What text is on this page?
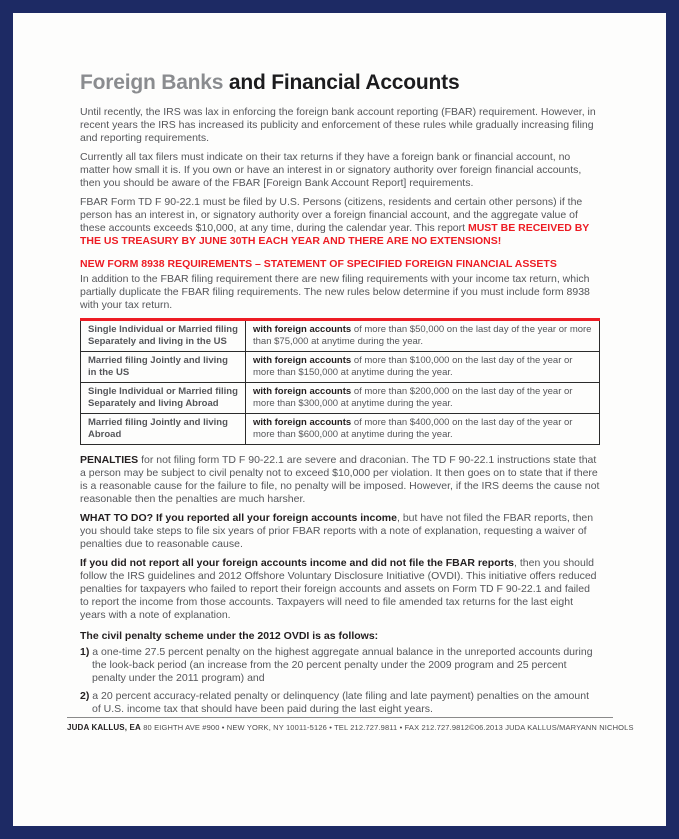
Foreign Banks and Financial Accounts

Until recently, the IRS was lax in enforcing the foreign bank account reporting (FBAR) requirement. However, in recent years the IRS has increased its publicity and enforcement of these rules while gradually increasing filing and reporting requirements.

Currently all tax filers must indicate on their tax returns if they have a foreign bank or financial account, no matter how small it is. If you own or have an interest in or signatory authority over foreign financial accounts, then you should be aware of the FBAR [Foreign Bank Account Report] requirements.

FBAR Form TD F 90-22.1 must be filed by U.S. Persons (citizens, residents and certain other persons) if the person has an interest in, or signatory authority over a foreign financial account, and the aggregate value of these accounts exceeds $10,000, at any time, during the calendar year. This report MUST BE RECEIVED BY THE US TREASURY BY JUNE 30TH EACH YEAR AND THERE ARE NO EXTENSIONS!

NEW FORM 8938 REQUIREMENTS – STATEMENT OF SPECIFIED FOREIGN FINANCIAL ASSETS

In addition to the FBAR filing requirement there are new filing requirements with your income tax return, which partially duplicate the FBAR filing requirements. The new rules below determine if you must include form 8938 with your tax return.

Single Individual or Married filing Separately and living in the US	with foreign accounts of more than $50,000 on the last day of the year or more than $75,000 at anytime during the year.
Married filing Jointly and living in the US	with foreign accounts of more than $100,000 on the last day of the year or more than $150,000 at anytime during the year.
Single Individual or Married filing Separately and living Abroad	with foreign accounts of more than $200,000 on the last day of the year or more than $300,000 at anytime during the year.
Married filing Jointly and living Abroad	with foreign accounts of more than $400,000 on the last day of the year or more than $600,000 at anytime during the year.

PENALTIES for not filing form TD F 90-22.1 are severe and draconian. The TD F 90-22.1 instructions state that a person may be subject to civil penalty not to exceed $10,000 per violation. It then goes on to state that if there is a reasonable cause for the failure to file, no penalty will be imposed. However, if the IRS deems the cause not reasonable then the penalties are much harsher.

WHAT TO DO? If you reported all your foreign accounts income, but have not filed the FBAR reports, then you should take steps to file six years of prior FBAR reports with a note of explanation, requesting a waiver of penalties due to reasonable cause.

If you did not report all your foreign accounts income and did not file the FBAR reports, then you should follow the IRS guidelines and 2012 Offshore Voluntary Disclosure Initiative (OVDI). This initiative offers reduced penalties for taxpayers who failed to report their foreign accounts and assets on Form TD F 90-22.1 and failed to report the income from those accounts. Taxpayers will need to file amended tax returns for the last eight years with a note of explanation.

The civil penalty scheme under the 2012 OVDI is as follows:

1) a one-time 27.5 percent penalty on the highest aggregate annual balance in the unreported accounts during the look-back period (an increase from the 20 percent penalty under the 2009 program and 25 percent penalty under the 2011 program) and

2) a 20 percent accuracy-related penalty or delinquency (late filing and late payment) penalties on the amount of U.S. income tax that should have been paid during the last eight years.

JUDA KALLUS, EA 80 EIGHTH AVE #900 • NEW YORK, NY 10011-5126 • TEL 212.727.9811 • FAX 212.727.9812 ©06.2013 JUDA KALLUS/MARYANN NICHOLS
